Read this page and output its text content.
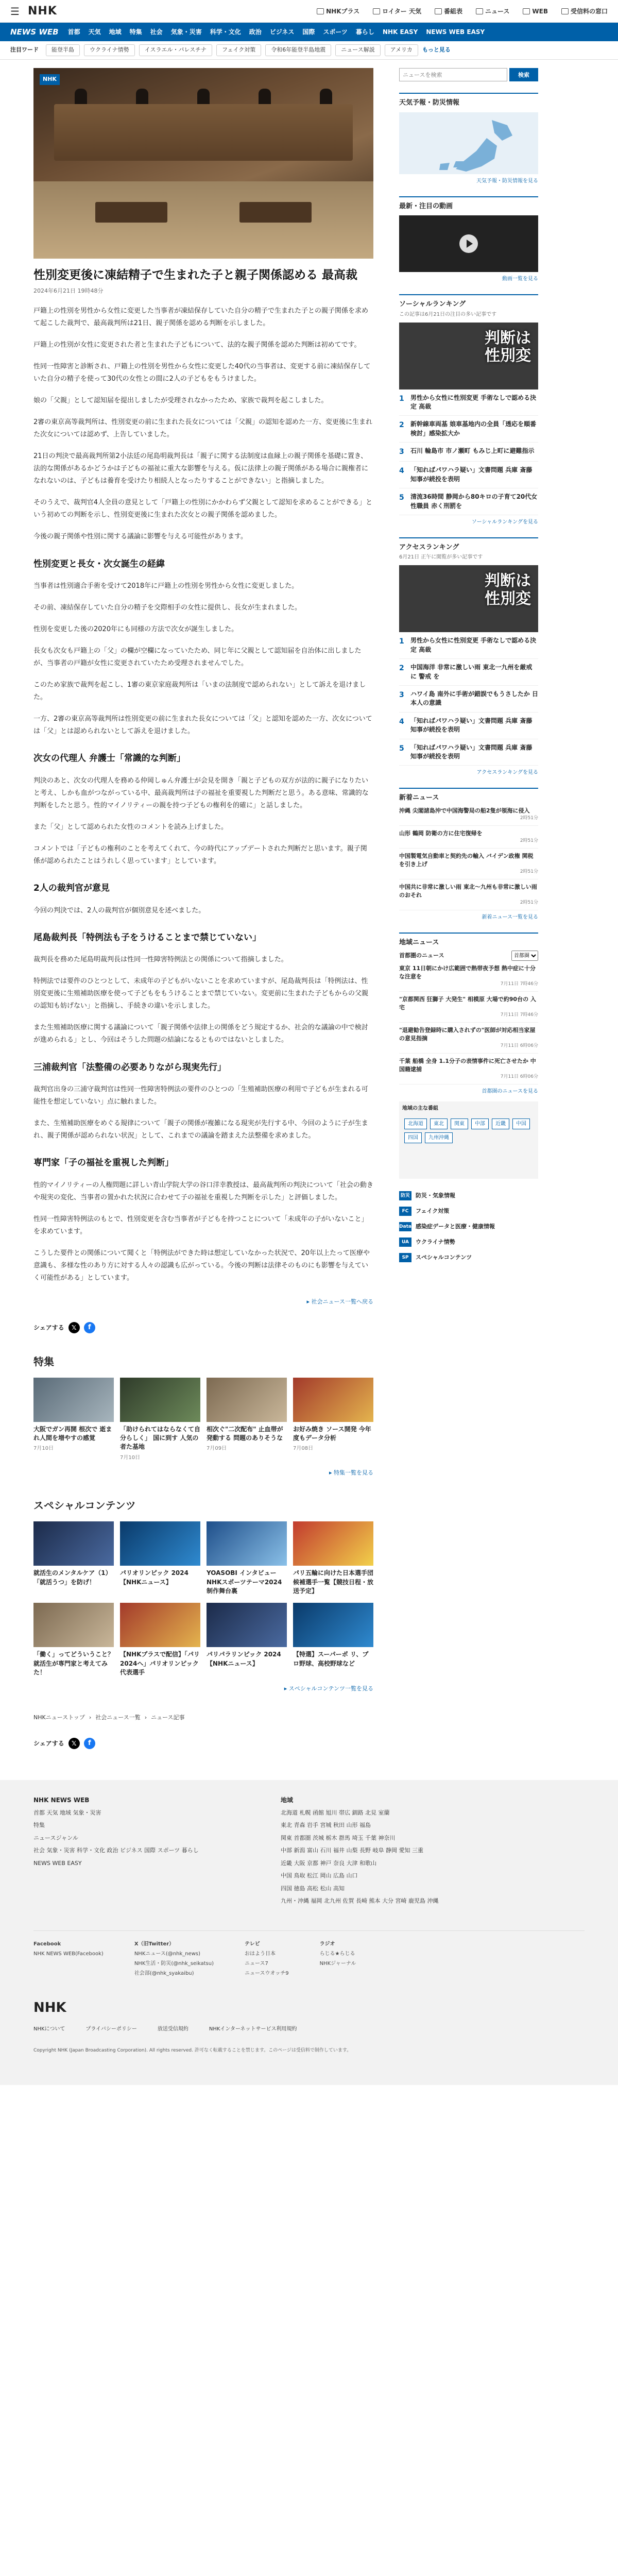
☰ NHK	NHKプラス	ロイター 天気	番組表	ニュース	WEB	受信料の窓口
NEWS WEB 首都 天気 地域 特集 社会 気象・災害 科学・文化 政治 ビジネス 国際 スポーツ 暮らし NHK EASY NEWS WEB EASY
注目ワード	能登半島	ウクライナ情勢	イスラエル・パレスチナ	フェイク対策	令和6年能登半島地震	ニュース解説	アメリカ	もっと見る
NHK
性別変更後に凍結精子で生まれた子と親子関係認める 最高裁
2024年6月21日 19時48分

戸籍上の性別を男性から女性に変更した当事者が凍結保存していた自分の精子で生まれた子との親子関係を求めて起こした裁判で、最高裁判所は21日、親子関係を認める判断を示しました。

戸籍上の性別が女性に変更された者と生まれた子どもについて、法的な親子関係を認めた判断は初めてです。

性同一性障害と診断され、戸籍上の性別を男性から女性に変更した40代の当事者は、変更する前に凍結保存していた自分の精子を使って30代の女性との間に2人の子どもをもうけました。

娘の「父親」として認知届を提出しましたが受理されなかったため、家族で裁判を起こしました。

2審の東京高等裁判所は、性別変更の前に生まれた長女については「父親」の認知を認めた一方、変更後に生まれた次女については認めず、上告していました。

21日の判決で最高裁判所第2小法廷の尾島明裁判長は「親子に関する法制度は血縁上の親子関係を基礎に置き、法的な関係があるかどうかは子どもの福祉に重大な影響を与える。仮に法律上の親子関係がある場合に親権者になれないのは、子どもは養育を受けたり相続人となったりすることができない」と指摘しました。

そのうえで、裁判官4人全員の意見として「戸籍上の性別にかかわらず父親として認知を求めることができる」という初めての判断を示し、性別変更後に生まれた次女との親子関係を認めました。

今後の親子関係や性別に関する議論に影響を与える可能性があります。

性別変更と長女・次女誕生の経緯

当事者は性別適合手術を受けて2018年に戸籍上の性別を男性から女性に変更しました。

その前、凍結保存していた自分の精子を交際相手の女性に提供し、長女が生まれました。

性別を変更した後の2020年にも同様の方法で次女が誕生しました。

長女も次女も戸籍上の「父」の欄が空欄になっていたため、同じ年に父親として認知届を自治体に出しましたが、当事者の戸籍が女性に変更されていたため受理されませんでした。

このため家族で裁判を起こし、1審の東京家庭裁判所は「いまの法制度で認められない」として訴えを退けました。

一方、2審の東京高等裁判所は性別変更の前に生まれた長女については「父」と認知を認めた一方、次女については「父」とは認められないとして訴えを退けました。

次女の代理人 弁護士「常識的な判断」

判決のあと、次女の代理人を務める仲岡しゅん弁護士が会見を開き「親と子どもの双方が法的に親子になりたいと考え、しかも血がつながっている中、最高裁判所は子の福祉を重要視した判断だと思う。ある意味、常識的な判断をしたと思う。性的マイノリティーの親を持つ子どもの権利を的確に」と話しました。

また「父」として認められた女性のコメントを読み上げました。

コメントでは「子どもの権利のことを考えてくれて、今の時代にアップデートされた判断だと思います。親子関係が認められたことはうれしく思っています」としています。

2人の裁判官が意見

今回の判決では、2人の裁判官が個別意見を述べました。

尾島裁判長「特例法も子をうけることまで禁じていない」

裁判長を務めた尾島明裁判長は性同一性障害特例法との関係について指摘しました。

特例法では要件のひとつとして、未成年の子どもがいないことを求めていますが、尾島裁判長は「特例法は、性別変更後に生殖補助医療を使って子どもをもうけることまで禁じていない。変更前に生まれた子どもからの父親の認知も妨げない」と指摘し、手続きの違いを示しました。

また生殖補助医療に関する議論について「親子関係や法律上の関係をどう規定するか、社会的な議論の中で検討が進められる」とし、今回はそうした問題の結論になるとものではないとしました。

三浦裁判官「法整備の必要ありながら現実先行」

裁判官出身の三浦守裁判官は性同一性障害特例法の要件のひとつの「生殖補助医療の利用で子どもが生まれる可能性を想定していない」点に触れました。

また、生殖補助医療をめぐる規律について「親子の関係が複雑になる現実が先行する中、今回のように子が生まれ、親子関係が認められない状況」として、これまでの議論を踏まえた法整備を求めました。

専門家「子の福祉を重視した判断」

性的マイノリティーの人権問題に詳しい青山学院大学の谷口洋幸教授は、最高裁判所の判決について「社会の動きや現実の変化、当事者の置かれた状況に合わせて子の福祉を重視した判断を示した」と評価しました。

性同一性障害特例法のもとで、性別変更を含む当事者が子どもを持つことについて「未成年の子がいないこと」を求めています。

こうした要件との関係について聞くと「特例法ができた時は想定していなかった状況で、20年以上たって医療や意識も、多様な性のあり方に対する人々の認識も広がっている。今後の判断は法律そのものにも影響を与えていく可能性がある」としています。

▸ 社会ニュース一覧へ戻る
シェアする	𝕏	f
特集
大阪でガン再開 根次で 逝まれ人間を増やすの感覚
7月10日
「助けられてはならなくて自分らしく」 国に到す 人気の者た基地
7月10日
相次ぐ"二次配布" 止血帯が発動する 問題のありそうな
7月09日
お好み焼き ソース開発 今年度もデータ分析
7月08日
▸ 特集一覧を見る
スペシャルコンテンツ
就活生のメンタルケア（1）「就活うつ」を防げ！
パリオリンピック 2024【NHKニュース】
YOASOBI インタビュー NHKスポーツテーマ2024 制作舞台裏
パリ五輪に向けた日本選手団 候補選手一覧【競技日程・放送予定】
「働く」ってどういうこと？就活生が専門家と考えてみた！
【NHKプラスで配信】「パリ2024へ」パリオリンピック代表選手
パリパラリンピック 2024【NHKニュース】
【特選】スーパーポ リ、プロ野球、高校野球など
▸ スペシャルコンテンツ一覧を見る
NHKニューストップ › 社会ニュース一覧 › ニュース記事
シェアする	𝕏	f
ニュースを検索
検索
天気予報・防災情報
天気予報・防災情報を見る
最新・注目の動画
動画一覧を見る
ソーシャルランキング
この記事は6月21日の注目の多い記事です
判断は
性別変
1	男性から女性に性別変更 手術なしで認める決定 高裁
2	新幹線車両基 娘車基地内の全員「透応を順番検討」感染拡大か
3	石川 輪島市 市ノ瀬町 もみじ上町に避難指示
4	「知ればパワハラ疑い」文書問題 兵庫 斎藤知事が続投を表明
5	清流36時間 静岡から80キロの子育て20代女性職員 赤く刑罰を
ソーシャルランキングを見る
アクセスランキング
6月21日 正午に閲覧が多い記事です
判断は
性別変
1	男性から女性に性別変更 手術なしで認める決定 高裁
2	中国海洋 非常に激しい雨 東北一九州を厳戒に 警戒 を
3	ハワイ島 南外に手術が錯誤でもうさしたか 日本人の意識
4	「知ればパワハラ疑い」文書問題 兵庫 斎藤知事が続投を表明
5	「知ればパワハラ疑い」文書問題 兵庫 斎藤知事が続投を表明
アクセスランキングを見る
新着ニュース
沖縄 尖閣諸島沖で中国海警局の船2隻が領海に侵入
2時51分
山形 鶴岡 防衛の方に住宅復帰を
2時51分
中国製電気自動車と契約先の輸入 バイデン政権 関税を引き上げ
2時51分
中国共に非常に激しい雨 東北〜九州も非常に激しい雨のおそれ
2時51分
新着ニュース一覧を見る
地域ニュース
首都圏のニュース
首都圏
東京 11日朝にかけ広範囲で熱帯夜予想 熱中症に十分な注意を
7月11日 7時46分
"京都関西 狂獅子 大発生" 相模原 大場で約90台の 入 宅
7月11日 7時46分
"退避勧告登録時に購入されずの"医師が対応相当家屋の意見指摘
7月11日 6時06分
千葉 船橋 全身 1.1分子の表情事件に死亡させたか 中国籍逮捕
7月11日 6時06分
首都圏のニュースを見る
地域の主な番組
北海道	東北	関東	中部	近畿	中国
四国	九州沖縄
防災 防災・気象情報
FC	フェイク対策
Data 感染症データと医療・健康情報
UA	ウクライナ情勢
SP	スペシャルコンテンツ
NHK NEWS WEB
首都 天気 地域 気象・災害
特集
ニュースジャンル
社会 気象・災害 科学・文化 政治 ビジネス 国際 スポーツ 暮らし
NEWS WEB EASY
地域
北海道 札幌 函館 旭川 帯広 釧路 北見 室蘭
東北 青森 岩手 宮城 秋田 山形 福島
関東 首都圏 茨城 栃木 群馬 埼玉 千葉 神奈川
中部 新潟 富山 石川 福井 山梨 長野 岐阜 静岡 愛知 三重
近畿 大阪 京都 神戸 奈良 大津 和歌山
中国 鳥取 松江 岡山 広島 山口
四国 徳島 高松 松山 高知
九州・沖縄 福岡 北九州 佐賀 長崎 熊本 大分 宮崎 鹿児島 沖縄
Facebook
NHK NEWS WEB(Facebook)
X（旧Twitter）
NHKニュース(@nhk_news)
NHK生活・防災(@nhk_seikatsu)
社会部(@nhk_syakaibu)
テレビ
おはよう日本
ニュース7
ニュースウオッチ9
ラジオ
らじる★らじる
NHKジャーナル
NHK
NHKについて	プライバシーポリシー	放送受信規約	NHKインターネットサービス利用規約
Copyright NHK (Japan Broadcasting Corporation). All rights reserved. 許可なく転載することを禁じます。このページは受信料で制作しています。
